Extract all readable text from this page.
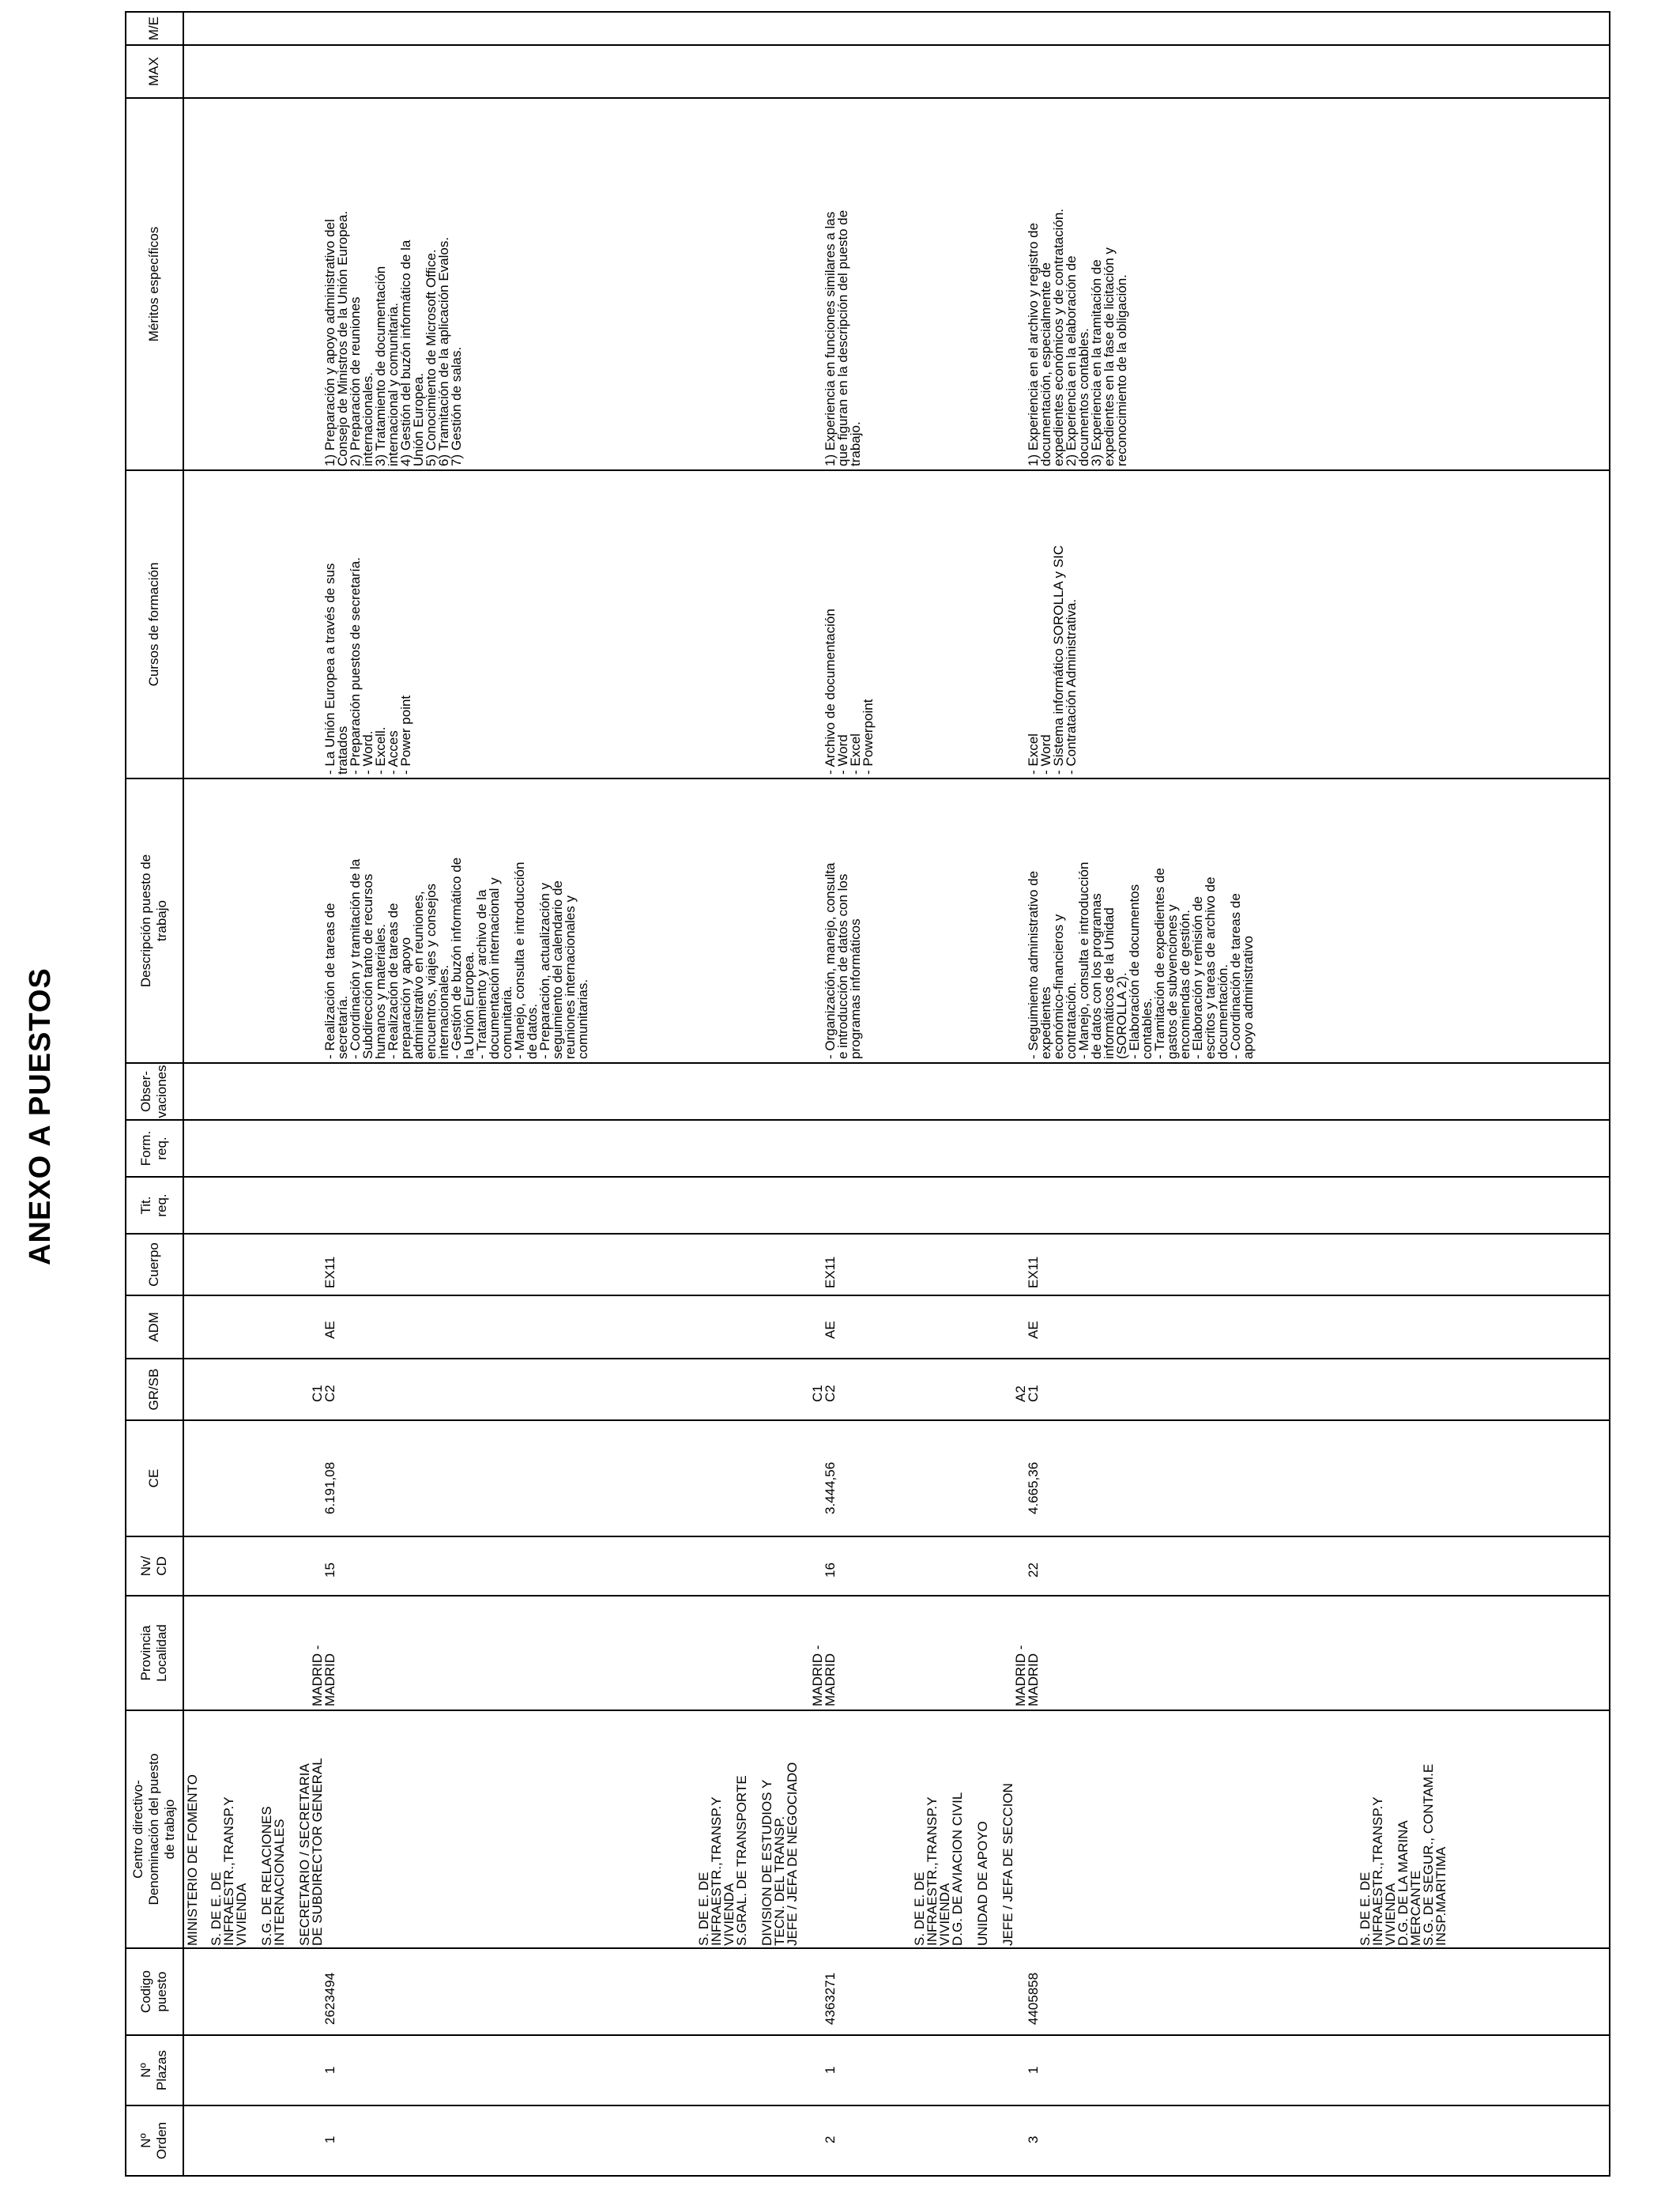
ANEXO A PUESTOS
Nº
Orden
Nº
Plazas
Codigo
puesto
Centro directivo-
Denominación del puesto
de trabajo
Provincia
Localidad
Nv/
CD
CE
GR/SB
ADM
Cuerpo
Tit.
req.
Form.
req.
Obser-
vaciones
Descripción puesto de
trabajo
Cursos de formación
Méritos específicos
MAX
M/E
MINISTERIO DE FOMENTO
1
1
2623494
S. DE E. DE
INFRAESTR.,TRANSP.Y
VIVIENDA

S.G. DE RELACIONES
INTERNACIONALES

SECRETARIO / SECRETARIA
DE SUBDIRECTOR GENERAL
MADRID -
MADRID
15
6.191,08
C1
C2
AE
EX11
- Realización de tareas de
secretaría.
- Coordinación y tramitación de la
Subdirección tanto de recursos
humanos y materiales.
- Realización de tareas de
preparación y apoyo
administrativo en reuniones,
encuentros, viajes y consejos
internacionales.
- Gestión de buzón informático de
la Unión Europea.
- Tratamiento y archivo de la
documentación internacional y
comunitaria.
- Manejo, consulta e introducción
de datos.
- Preparación, actualización y
seguimiento del calendario de
reuniones internacionales y
comunitarias.
- La Unión Europea a través de sus
tratados
- Preparación puestos de secretaría.
- Word.
- Excell.
- Acces
- Power point
1) Preparación y apoyo administrativo del
Consejo de Ministros de la Unión Europea.
2) Preparación de reuniones
internacionales.
3) Tratamiento de documentación
internacional y comunitaria.
4) Gestión del buzón informático de la
Unión Europea.
5) Conocimiento de Microsoft Office.
6) Tramitación de la aplicación Evalos.
7) Gestión de salas.
2
1
4363271
S. DE E. DE
INFRAESTR.,TRANSP.Y
VIVIENDA
S.GRAL. DE TRANSPORTE

DIVISION DE ESTUDIOS Y
TECN. DEL TRANSP.
JEFE / JEFA DE NEGOCIADO
MADRID -
MADRID
16
3.444,56
C1
C2
AE
EX11
- Organización, manejo, consulta
e introducción de datos con los
programas informáticos
- Archivo de documentación
- Word
- Excel
- Powerpoint
1) Experiencia en funciones similares a las
que figuran en la descripción del puesto de
trabajo.
3
1
4405858
S. DE E. DE
INFRAESTR.,TRANSP.Y
VIVIENDA
D.G. DE AVIACION CIVIL

UNIDAD DE APOYO

JEFE / JEFA DE SECCION
MADRID -
MADRID
22
4.665,36
A2
C1
AE
EX11
- Seguimiento administrativo de
expedientes
económico-financieros y
contratación.
- Manejo, consulta e introducción
de datos con los programas
informáticos de la Unidad
(SOROLLA 2).
- Elaboración de documentos
contables.
- Tramitación de expedientes de
gastos de subvenciones y
encomiendas de gestión.
- Elaboración y remisión de
escritos y tareas de archivo de
documentación.
- Coordinación de tareas de
apoyo administrativo
- Excel
- Word
- Sistema informático SOROLLA y SIC
- Contratación Administrativa.
1) Experiencia en el archivo y registro de
documentación, especialmente de
expedientes económicos y de contratación.
2) Experiencia en la elaboración de
documentos contables.
3) Experiencia en la tramitación de
expedientes en la fase de licitación y
reconocimiento de la obligación.
S. DE E. DE
INFRAESTR.,TRANSP.Y
VIVIENDA
D.G. DE LA MARINA
MERCANTE
S.G. DE SEGUR., CONTAM.E
INSP.MARITIMA
